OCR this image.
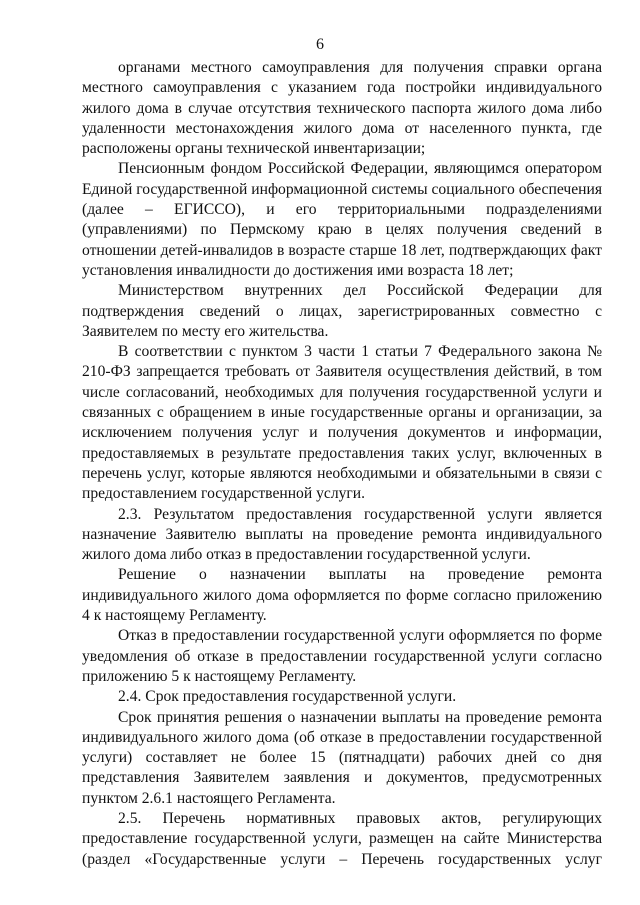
6

органами местного самоуправления для получения справки органа местного самоуправления с указанием года постройки индивидуального жилого дома в случае отсутствия технического паспорта жилого дома либо удаленности местонахождения жилого дома от населенного пункта, где расположены органы технической инвентаризации;

Пенсионным фондом Российской Федерации, являющимся оператором Единой государственной информационной системы социального обеспечения (далее – ЕГИССО), и его территориальными подразделениями (управлениями) по Пермскому краю в целях получения сведений в отношении детей-инвалидов в возрасте старше 18 лет, подтверждающих факт установления инвалидности до достижения ими возраста 18 лет;

Министерством внутренних дел Российской Федерации для подтверждения сведений о лицах, зарегистрированных совместно с Заявителем по месту его жительства.

В соответствии с пунктом 3 части 1 статьи 7 Федерального закона № 210-ФЗ запрещается требовать от Заявителя осуществления действий, в том числе согласований, необходимых для получения государственной услуги и связанных с обращением в иные государственные органы и организации, за исключением получения услуг и получения документов и информации, предоставляемых в результате предоставления таких услуг, включенных в перечень услуг, которые являются необходимыми и обязательными в связи с предоставлением государственной услуги.

2.3. Результатом предоставления государственной услуги является назначение Заявителю выплаты на проведение ремонта индивидуального жилого дома либо отказ в предоставлении государственной услуги.

Решение о назначении выплаты на проведение ремонта индивидуального жилого дома оформляется по форме согласно приложению 4 к настоящему Регламенту.

Отказ в предоставлении государственной услуги оформляется по форме уведомления об отказе в предоставлении государственной услуги согласно приложению 5 к настоящему Регламенту.

2.4. Срок предоставления государственной услуги.

Срок принятия решения о назначении выплаты на проведение ремонта индивидуального жилого дома (об отказе в предоставлении государственной услуги) составляет не более 15 (пятнадцати) рабочих дней со дня представления Заявителем заявления и документов, предусмотренных пунктом 2.6.1 настоящего Регламента.

2.5. Перечень нормативных правовых актов, регулирующих предоставление государственной услуги, размещен на сайте Министерства (раздел «Государственные услуги – Перечень государственных услуг
